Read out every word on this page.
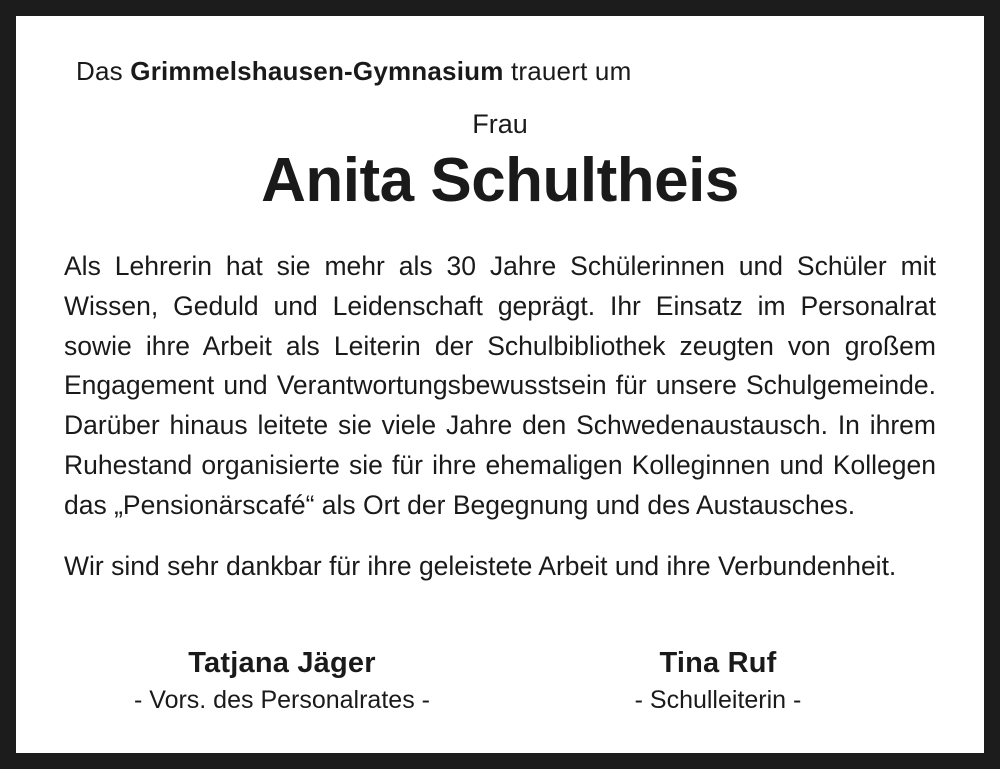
Das Grimmelshausen-Gymnasium trauert um
Frau
Anita Schultheis

Als Lehrerin hat sie mehr als 30 Jahre Schülerinnen und Schüler mit Wissen, Geduld und Leidenschaft geprägt. Ihr Einsatz im Personalrat sowie ihre Arbeit als Leiterin der Schulbibliothek zeugten von großem Engagement und Verantwortungsbewusstsein für unsere Schulgemeinde. Darüber hinaus leitete sie viele Jahre den Schwedenaustausch. In ihrem Ruhestand organisierte sie für ihre ehemaligen Kolleginnen und Kollegen das „Pensionärscafé“ als Ort der Begegnung und des Austausches.

Wir sind sehr dankbar für ihre geleistete Arbeit und ihre Verbundenheit.

Tatjana Jäger
- Vors. des Personalrates -
Tina Ruf
- Schulleiterin -
